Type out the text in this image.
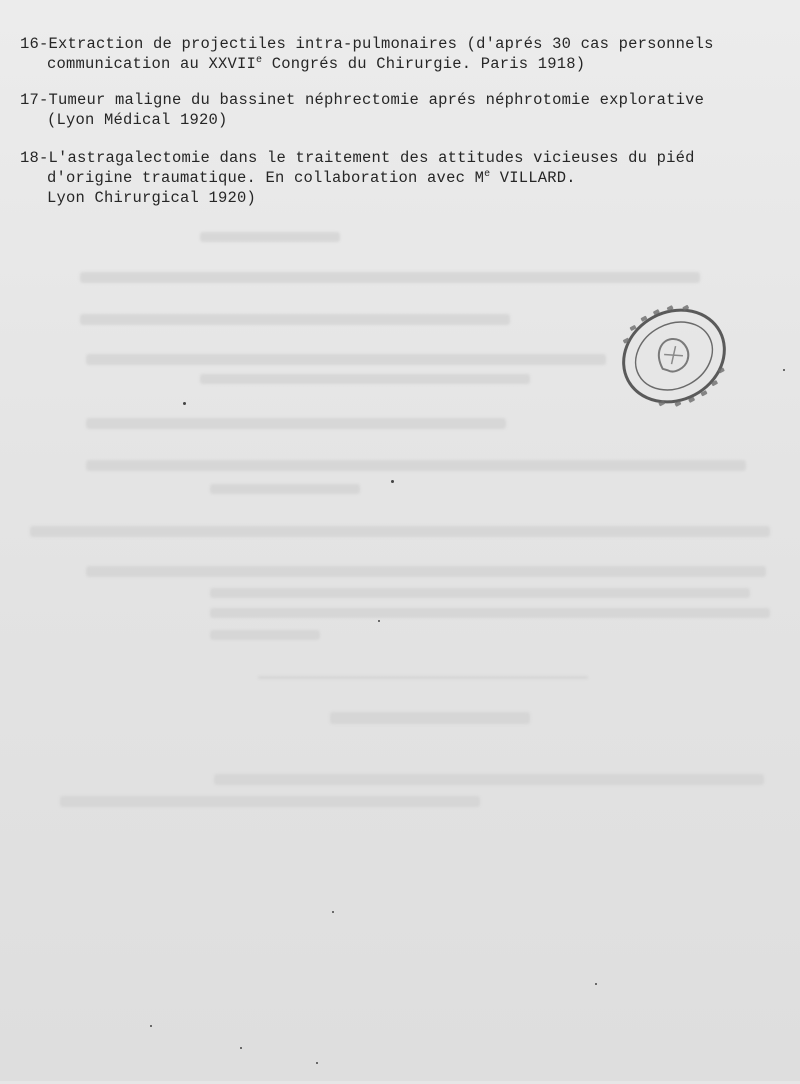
16-Extraction de projectiles intra-pulmonaires (d'aprés 30 cas personnels
communication au XXVIIe Congrés du Chirurgie. Paris 1918)
17-Tumeur maligne du bassinet néphrectomie aprés néphrotomie explorative
(Lyon Médical 1920)
18-L'astragalectomie dans le traitement des attitudes vicieuses du piéd
d'origine traumatique. En collaboration avec Me VILLARD.
Lyon Chirurgical 1920)
